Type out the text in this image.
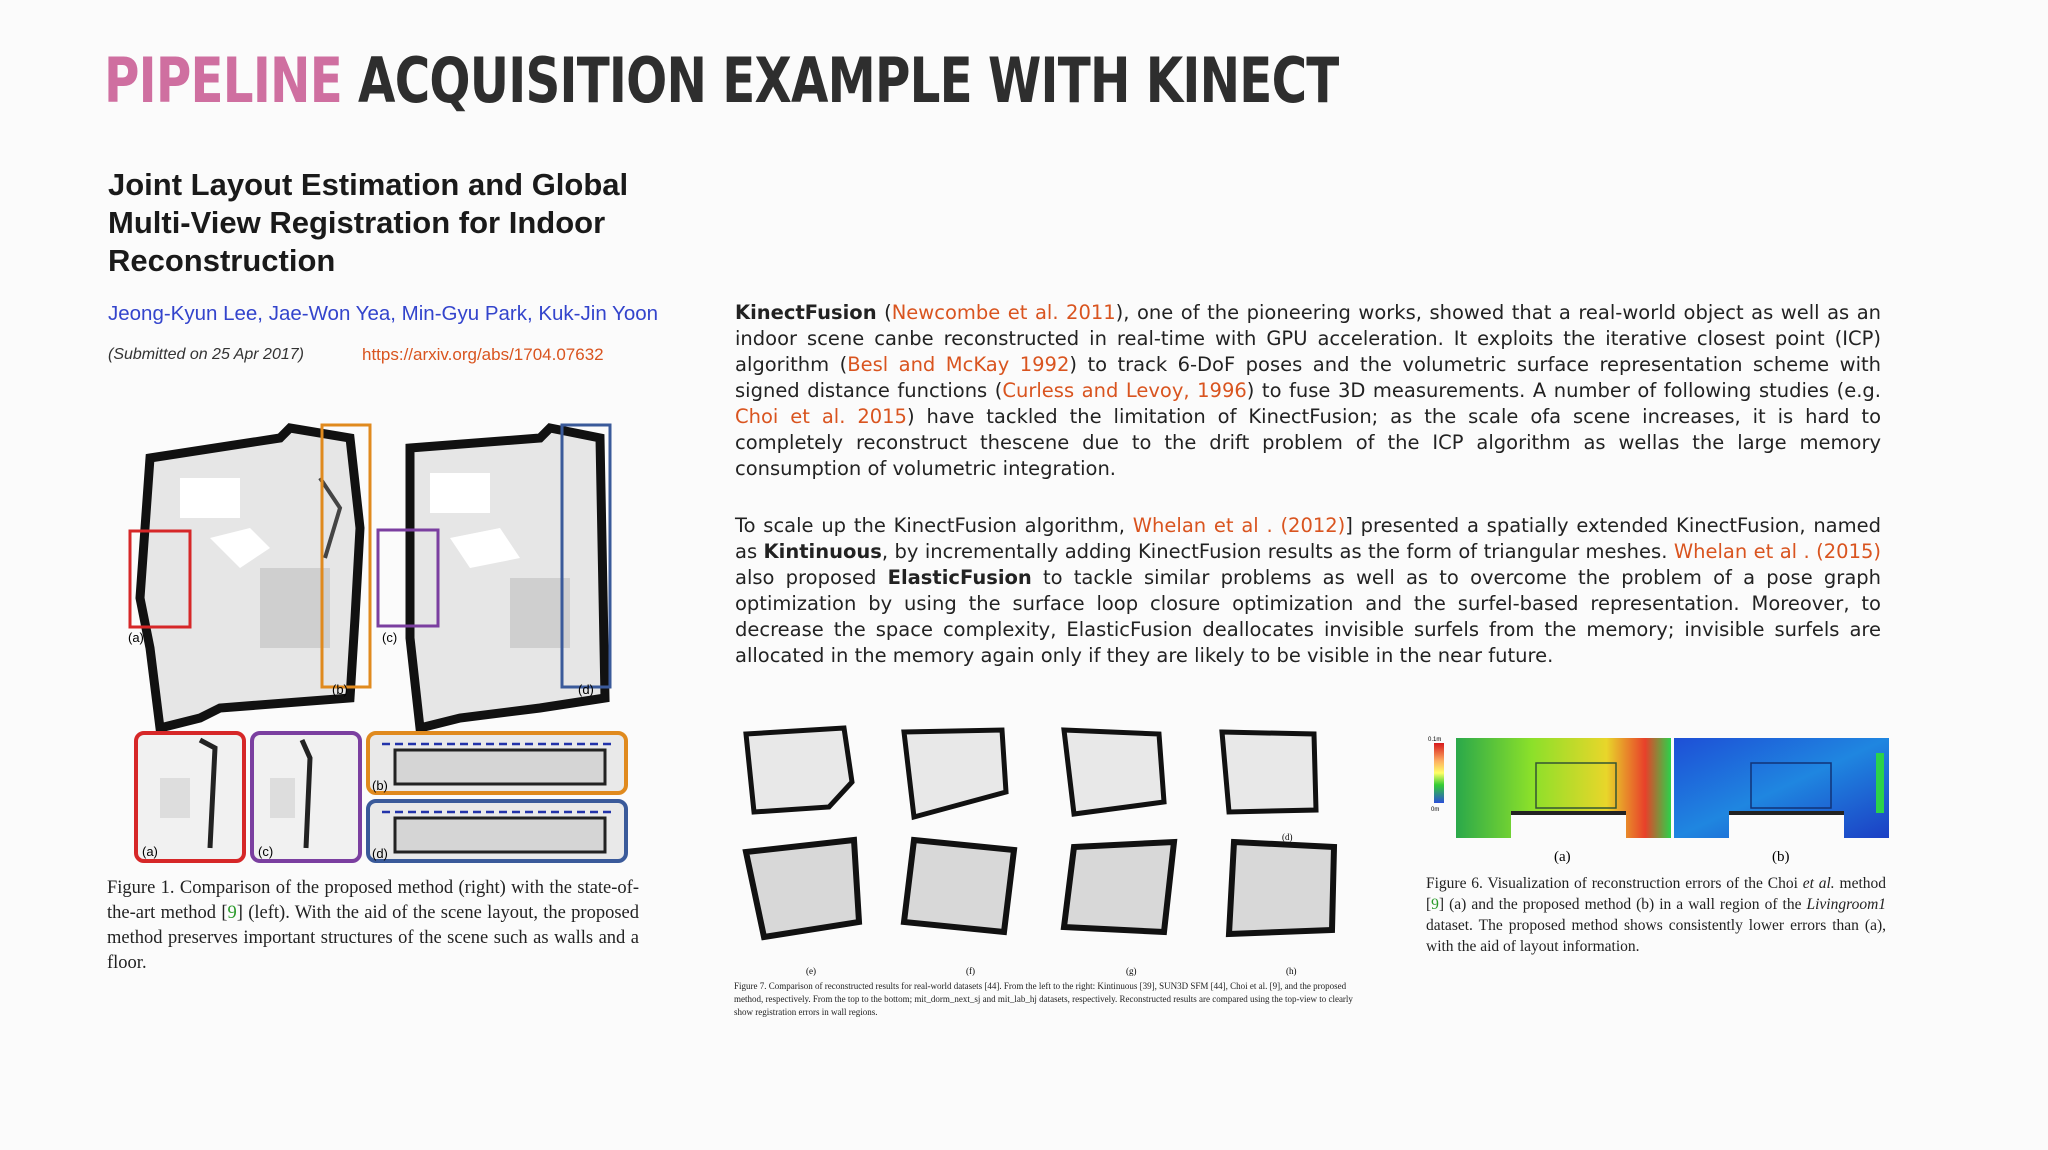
PIPELINE ACQUISITION EXAMPLE WITH KINECT
Joint Layout Estimation and Global Multi-View Registration for Indoor Reconstruction
Jeong-Kyun Lee, Jae-Won Yea, Min-Gyu Park, Kuk-Jin Yoon
(Submitted on 25 Apr 2017)	https://arxiv.org/abs/1704.07632
(a)
(b)
(c)
(d)
(a)	(c)
(b)
(d)
Figure 1. Comparison of the proposed method (right) with the state-of-the-art method [9] (left). With the aid of the scene layout, the proposed method preserves important structures of the scene such as walls and a floor.
KinectFusion (Newcombe et al. 2011), one of the pioneering works, showed that a real-world object as well as an indoor scene canbe reconstructed in real-time with GPU acceleration. It exploits the iterative closest point (ICP) algorithm (Besl and McKay 1992) to track 6-DoF poses and the volumetric surface representation scheme with signed distance functions (Curless and Levoy, 1996) to fuse 3D measurements. A number of following studies (e.g. Choi et al. 2015) have tackled the limitation of KinectFusion; as the scale ofa scene increases, it is hard to completely reconstruct thescene due to the drift problem of the ICP algorithm as wellas the large memory consumption of volumetric integration.
To scale up the KinectFusion algorithm, Whelan et al . (2012)] presented a spatially extended KinectFusion, named as Kintinuous, by incrementally adding KinectFusion results as the form of triangular meshes. Whelan et al . (2015) also proposed ElasticFusion to tackle similar problems as well as to overcome the problem of a pose graph optimization by using the surface loop closure optimization and the surfel-based representation. Moreover, to decrease the space complexity, ElasticFusion deallocates invisible surfels from the memory; invisible surfels are allocated in the memory again only if they are likely to be visible in the near future.
(d)
(e)	(f)	(g)	(h)
Figure 7. Comparison of reconstructed results for real-world datasets [44]. From the left to the right: Kintinuous [39], SUN3D SFM [44], Choi et al. [9], and the proposed method, respectively. From the top to the bottom; mit_dorm_next_sj and mit_lab_hj datasets, respectively. Reconstructed results are compared using the top-view to clearly show registration errors in wall regions.
0.1m
0m
(a)	(b)
Figure 6. Visualization of reconstruction errors of the Choi et al. method [9] (a) and the proposed method (b) in a wall region of the Livingroom1 dataset. The proposed method shows consistently lower errors than (a), with the aid of layout information.
